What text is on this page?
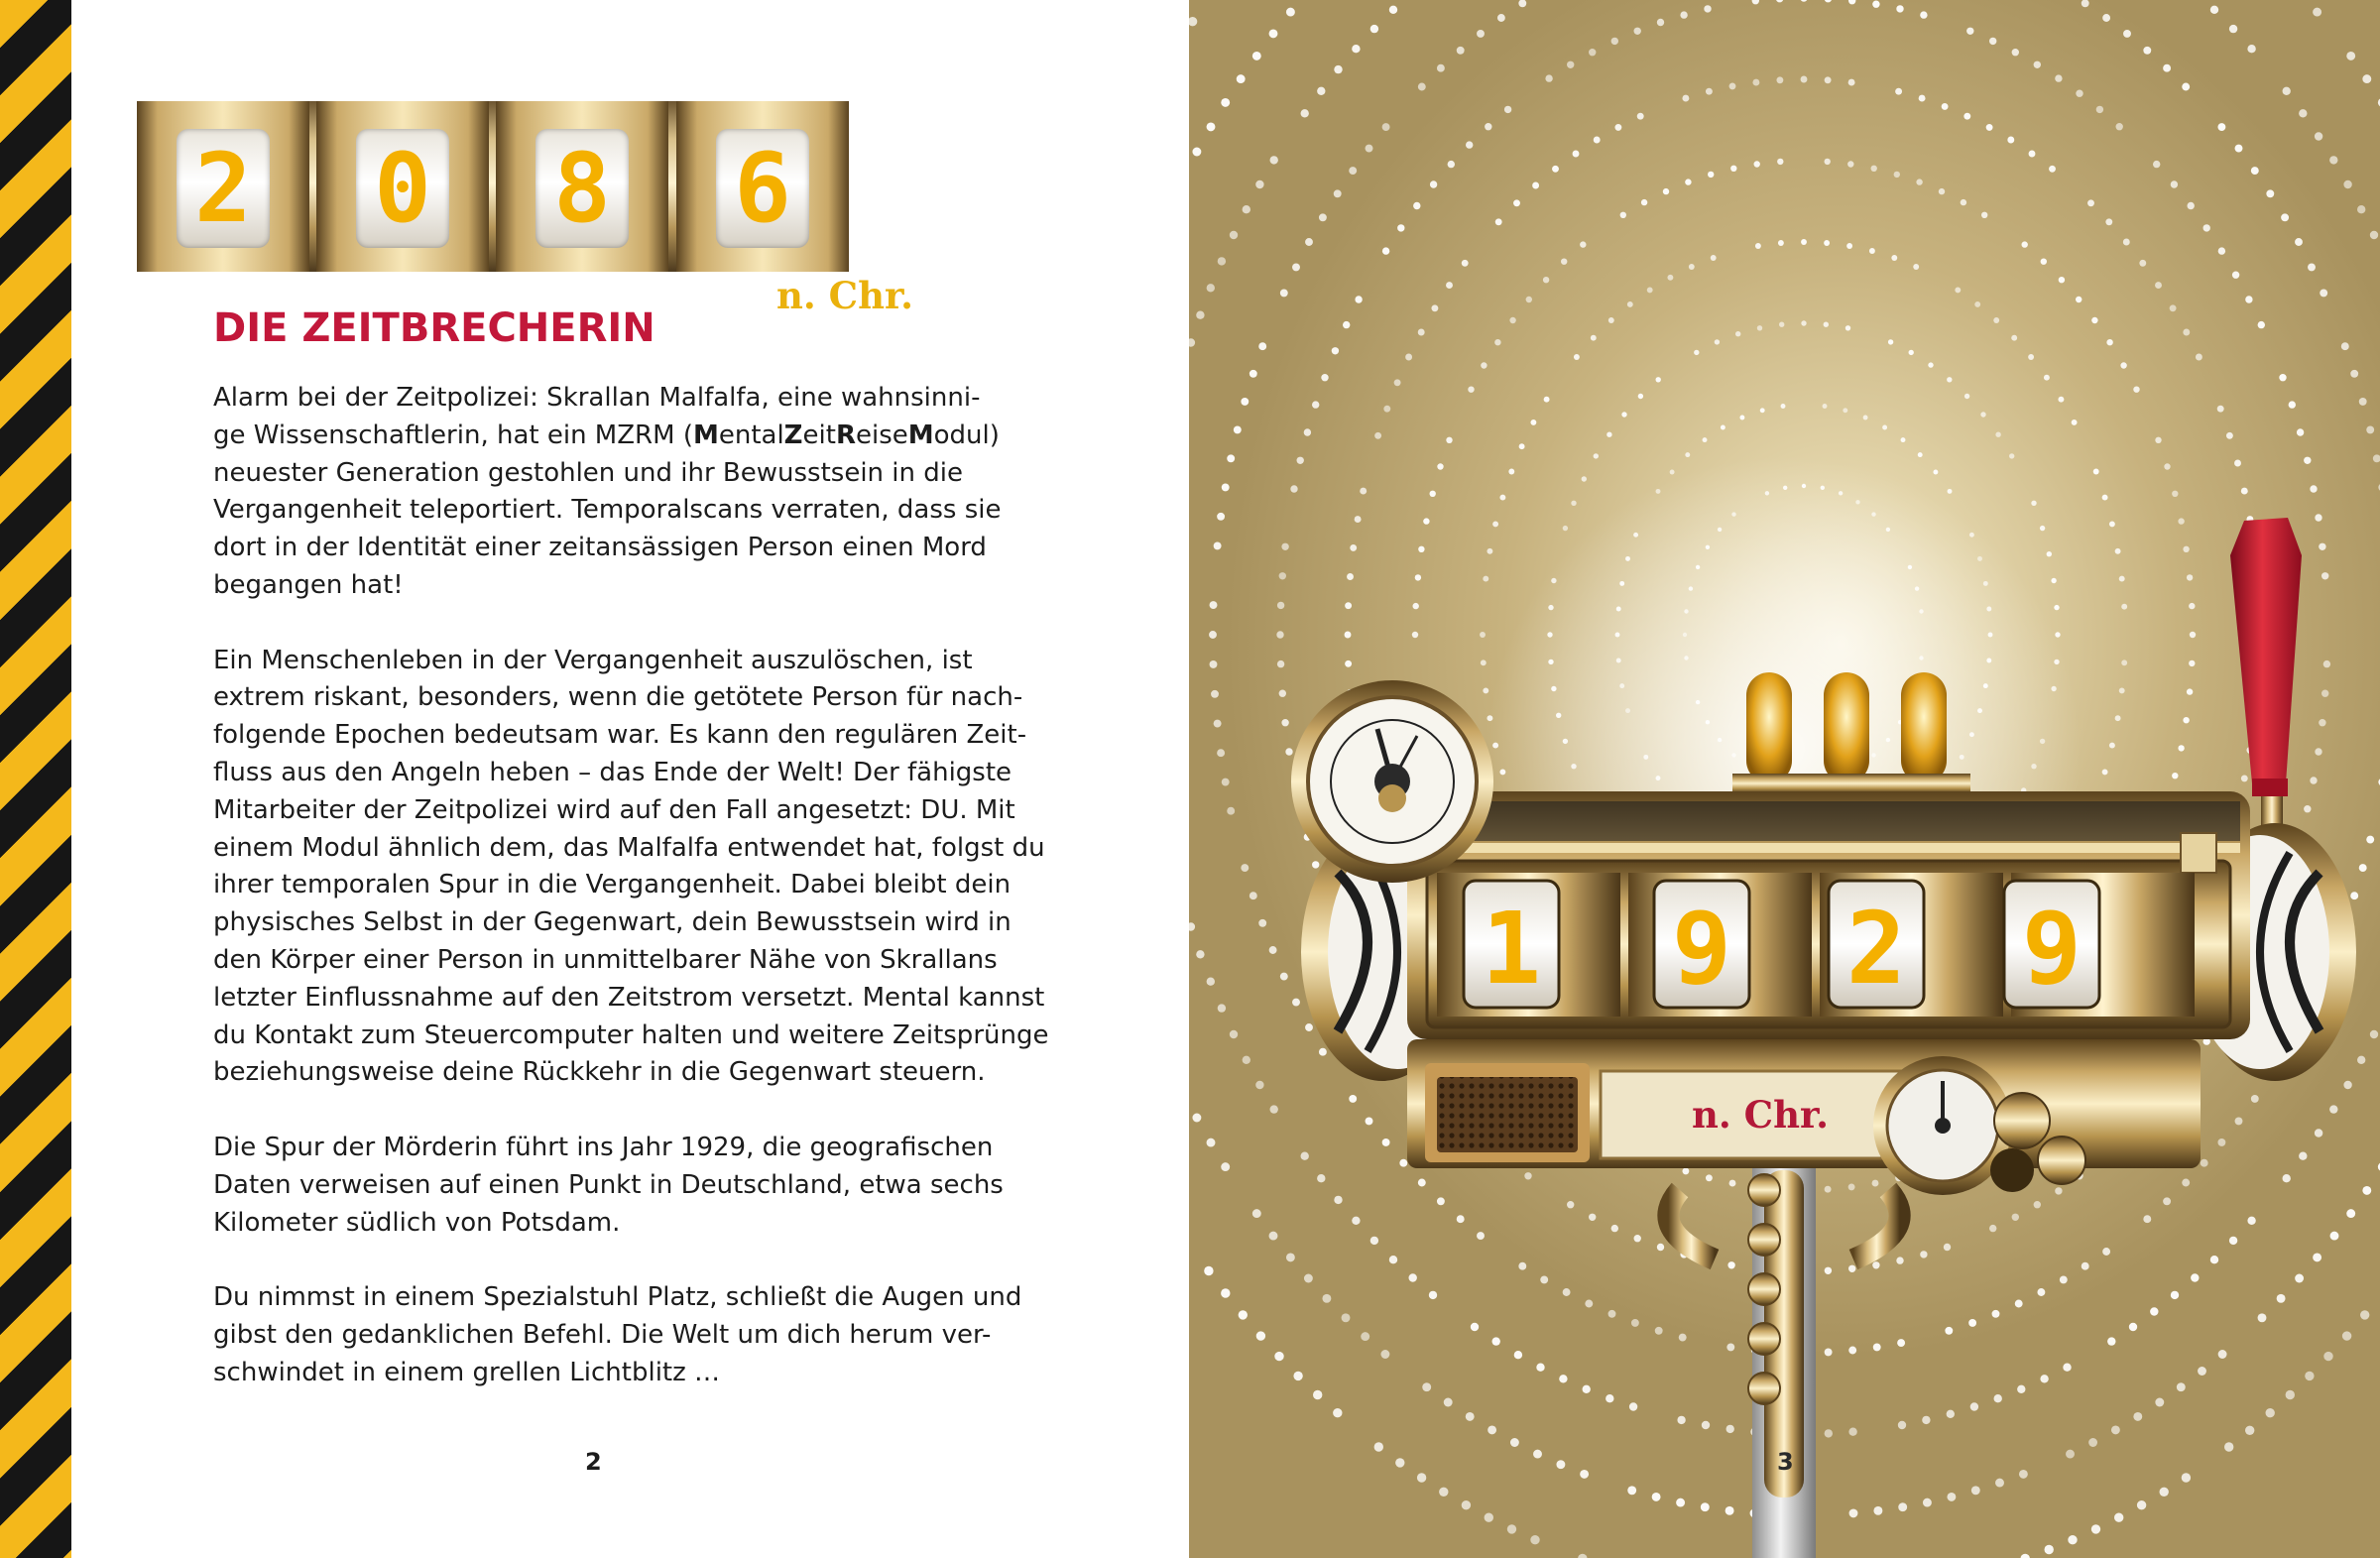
2 0 8 6
n. Chr.
DIE ZEITBRECHERIN

Alarm bei der Zeitpolizei: Skrallan Malfalfa, eine wahnsinni-
ge Wissenschaftlerin, hat ein MZRM (MentalZeitReiseModul)
neuester Generation gestohlen und ihr Bewusstsein in die
Vergangenheit teleportiert. Temporalscans verraten, dass sie
dort in der Identität einer zeitansässigen Person einen Mord
begangen hat!

Ein Menschenleben in der Vergangenheit auszulöschen, ist
extrem riskant, besonders, wenn die getötete Person für nach-
folgende Epochen bedeutsam war. Es kann den regulären Zeit-
fluss aus den Angeln heben – das Ende der Welt! Der fähigste
Mitarbeiter der Zeitpolizei wird auf den Fall angesetzt: DU. Mit
einem Modul ähnlich dem, das Malfalfa entwendet hat, folgst du
ihrer temporalen Spur in die Vergangenheit. Dabei bleibt dein
physisches Selbst in der Gegenwart, dein Bewusstsein wird in
den Körper einer Person in unmittelbarer Nähe von Skrallans
letzter Einflussnahme auf den Zeitstrom versetzt. Mental kannst
du Kontakt zum Steuercomputer halten und weitere Zeitsprünge
beziehungsweise deine Rückkehr in die Gegenwart steuern.

Die Spur der Mörderin führt ins Jahr 1929, die geografischen
Daten verweisen auf einen Punkt in Deutschland, etwa sechs
Kilometer südlich von Potsdam.

Du nimmst in einem Spezialstuhl Platz, schließt die Augen und
gibst den gedanklichen Befehl. Die Welt um dich herum ver-
schwindet in einem grellen Lichtblitz …

2
1 9 2 9
n. Chr.
3
